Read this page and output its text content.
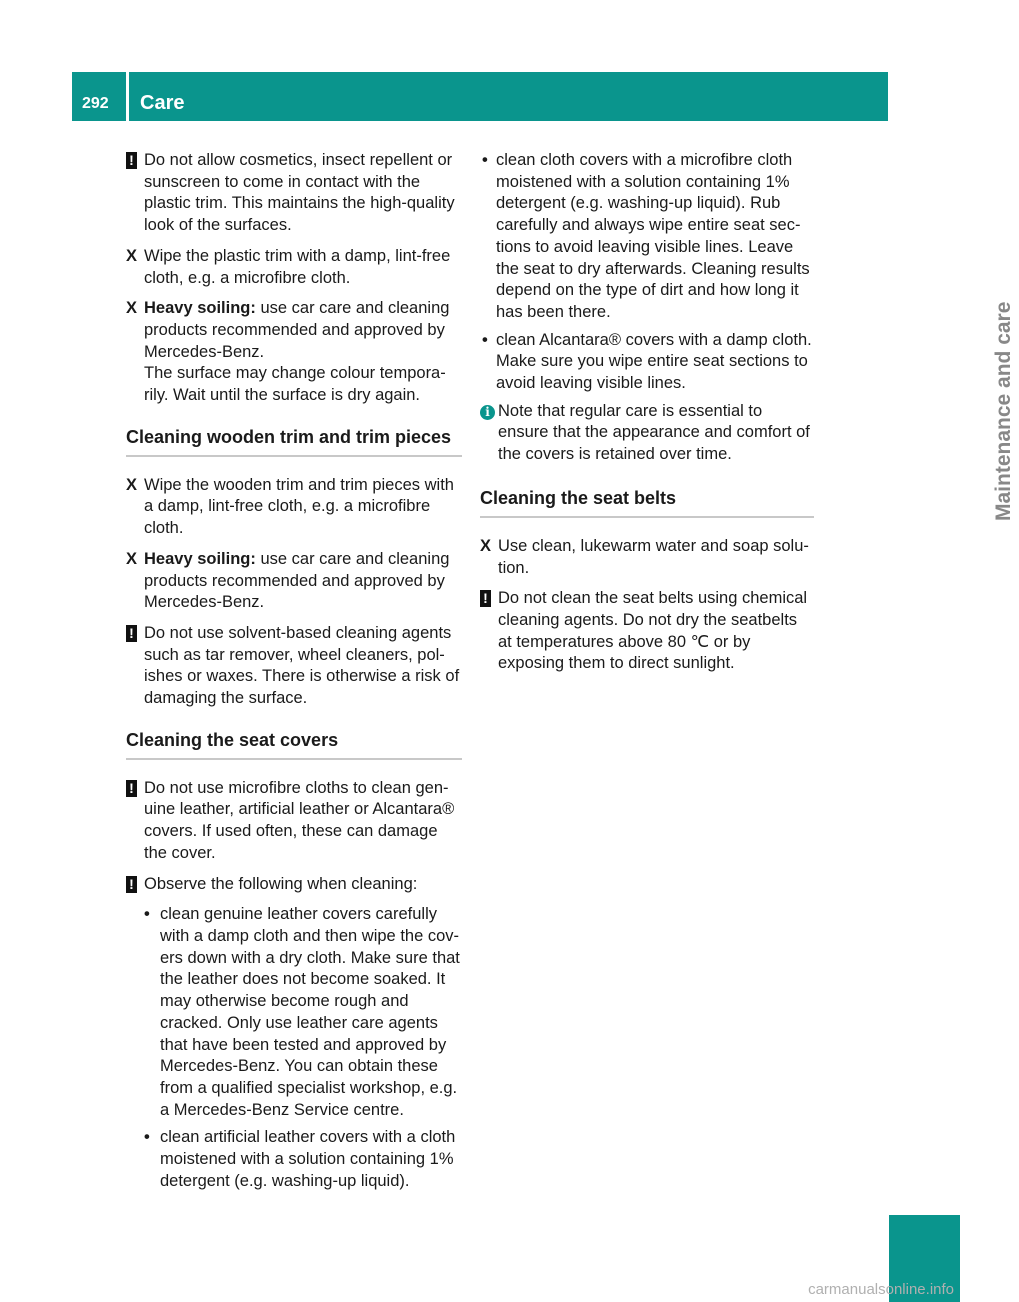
292	Care
Maintenance and care
! Do not allow cosmetics, insect repellent or sunscreen to come in contact with the plastic trim. This maintains the high-quality look of the surfaces.
X Wipe the plastic trim with a damp, lint-free cloth, e.g. a microfibre cloth.
X Heavy soiling: use car care and cleaning products recommended and approved by Mercedes-Benz.
The surface may change colour tempora-rily. Wait until the surface is dry again.
Cleaning wooden trim and trim pieces
X Wipe the wooden trim and trim pieces with a damp, lint-free cloth, e.g. a microfibre cloth.
X Heavy soiling: use car care and cleaning products recommended and approved by Mercedes-Benz.
! Do not use solvent-based cleaning agents such as tar remover, wheel cleaners, pol-ishes or waxes. There is otherwise a risk of damaging the surface.
Cleaning the seat covers
! Do not use microfibre cloths to clean gen-uine leather, artificial leather or Alcantara® covers. If used often, these can damage the cover.
! Observe the following when cleaning:
• clean genuine leather covers carefully with a damp cloth and then wipe the cov-ers down with a dry cloth. Make sure that the leather does not become soaked. It may otherwise become rough and cracked. Only use leather care agents that have been tested and approved by Mercedes-Benz. You can obtain these from a qualified specialist workshop, e.g. a Mercedes-Benz Service centre.
• clean artificial leather covers with a cloth moistened with a solution containing 1% detergent (e.g. washing-up liquid).
• clean cloth covers with a microfibre cloth moistened with a solution containing 1% detergent (e.g. washing-up liquid). Rub carefully and always wipe entire seat sec-tions to avoid leaving visible lines. Leave the seat to dry afterwards. Cleaning results depend on the type of dirt and how long it has been there.
• clean Alcantara® covers with a damp cloth. Make sure you wipe entire seat sections to avoid leaving visible lines.
i Note that regular care is essential to ensure that the appearance and comfort of the covers is retained over time.
Cleaning the seat belts
X Use clean, lukewarm water and soap solu-tion.
! Do not clean the seat belts using chemical cleaning agents. Do not dry the seatbelts at temperatures above 80 ℃ or by exposing them to direct sunlight.
carmanualsonline.info
